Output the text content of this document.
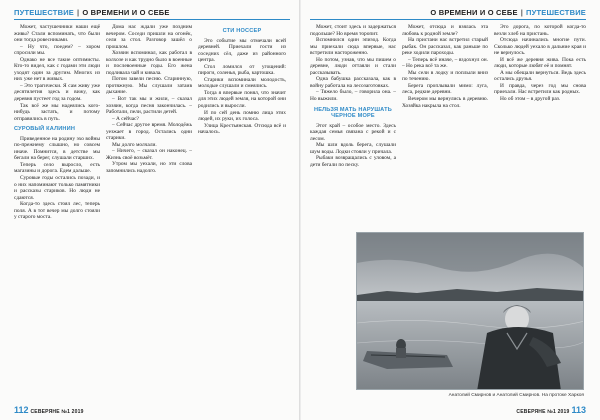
ПУТЕШЕСТВИЕ | О ВРЕМЕНИ И О СЕБЕ

Может, частушечники наши ещё живы? Стали вспоминать, что были они тогда ровесниками.

– Ну что, поедем? – хором спросили мы.

Однако не все такие оптимисты. Кто-то видел, как с годами эти люди уходят один за другим. Многих из них уже нет в живых.

– Это трагически. Я сам живу уже десятилетия здесь и вижу, как деревня пустеет год за годом.

Так всё же мы надеялись кого-нибудь застать, и потому отправились в путь.

СУРОВЫЙ КАЛИНИН

Приведенное на родину эхо войны по-прежнему слышно, но совсем иначе. Помнится, в детстве мы бегали на берег, слушали старших.

Теперь село выросло, есть магазины и дорога. Едем дальше.

Суровые годы остались позади, и о них напоминают только памятники и рассказы стариков. Но люди не сдаются.

Когда-то здесь стоял лес, теперь поля. А в тот вечер мы долго стояли у старого моста.

Дома нас ждали уже поздним вечером. Соседи пришли на огонёк, сели за стол. Разговор зашёл о прошлом.

Хозяин вспоминал, как работал в колхозе и как трудно было в военные и послевоенные годы. Его жена подливала чай и кивала.

Потом завели песню. Старинную, протяжную. Мы слушали затаив дыхание.

– Вот так мы и жили, – сказал хозяин, когда песня закончилась. – Работали, пели, растили детей.

– А сейчас?

– Сейчас другое время. Молодёжь уезжает в город. Остались одни старики.

Мы долго молчали.

– Ничего, – сказал он наконец. – Жизнь своё возьмёт.

Утром мы уехали, но эти слова запомнились надолго.

СТИ НОССЕР

Это событие мы отмечали всей деревней. Приехали гости из соседних сёл, даже из районного центра.

Стол ломился от угощений: пироги, соленья, рыба, картошка.

Старики вспоминали молодость, молодые слушали и смеялись.

Тогда я впервые понял, что значит для этих людей земля, на которой они родились и выросли.

И по сей день помню лица этих людей, их руки, их голоса.

Улица Крестьянская. Отсюда всё и началось.

112 СЕВЕРЯНЕ №1 2019
О ВРЕМЕНИ И О СЕБЕ | ПУТЕШЕСТВИЕ

Может, стоит здесь и задержаться подольше? Но время торопит.

Вспомнился один эпизод. Когда мы приехали сюда впервые, нас встретили настороженно.

Но потом, узнав, что мы пишем о деревне, люди оттаяли и стали рассказывать.

Одна бабушка рассказала, как в войну работала на лесозаготовках.

– Тяжело было, – говорила она. – Но выжили.

НЕЛЬЗЯ МАТЬ НАРУШАТЬ ЧЕРНОЕ МОРЕ

Этот край – особое место. Здесь каждая семья связана с рекой и с лесом.

Мы шли вдоль берега, слушали шум воды. Лодки стояли у причала.

Рыбаки возвращались с уловом, а дети бегали по песку.

Может, отсюда и взялась эта любовь к родной земле?

На пристани нас встретил старый рыбак. Он рассказал, как раньше по реке ходили пароходы.

– Теперь всё иначе, – вздохнул он. – Но река всё та же.

Мы сели в лодку и поплыли вниз по течению.

Берега проплывали мимо: луга, леса, редкие деревни.

Вечером мы вернулись в деревню. Хозяйка накрыла на стол.

Это дорога, по которой когда-то везли хлеб на пристань.

Отсюда начинались многие пути. Сколько людей уехало в дальние края и не вернулось.

И всё же деревня жива. Пока есть люди, которые любят её и помнят.

А мы обещали вернуться. Ведь здесь остались друзья.

И правда, через год мы снова приехали. Нас встретили как родных.

Но об этом – в другой раз.

СЕВЕРЯНЕ №1 2019 113
Анатолий Смирнов и Анатолий Смирнов. На протоке Харкоя
